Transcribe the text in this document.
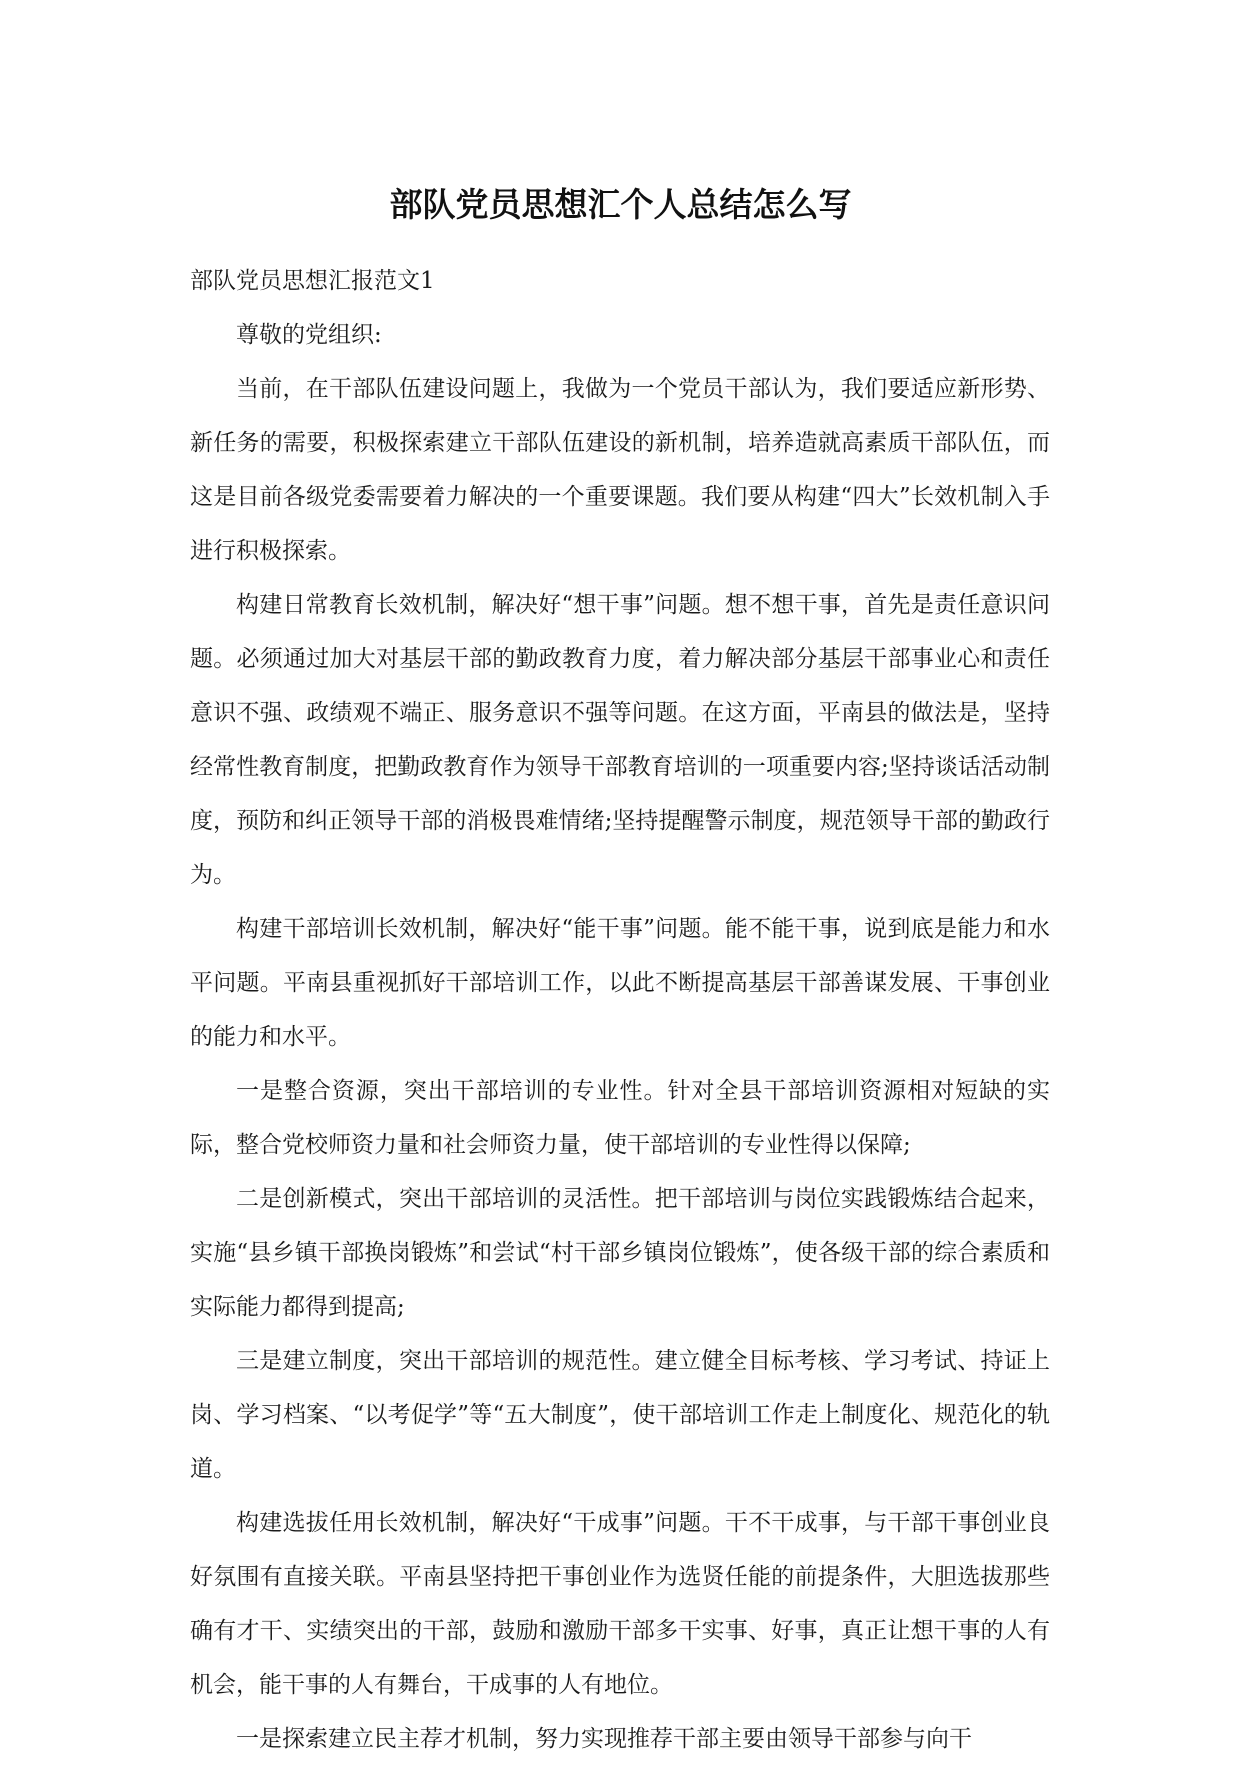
部队党员思想汇个人总结怎么写

部队党员思想汇报范文1

尊敬的党组织:

当前，在干部队伍建设问题上，我做为一个党员干部认为，我们要适应新形势、新任务的需要，积极探索建立干部队伍建设的新机制，培养造就高素质干部队伍，而这是目前各级党委需要着力解决的一个重要课题。我们要从构建“四大”长效机制入手进行积极探索。

构建日常教育长效机制，解决好“想干事”问题。想不想干事，首先是责任意识问题。必须通过加大对基层干部的勤政教育力度，着力解决部分基层干部事业心和责任意识不强、政绩观不端正、服务意识不强等问题。在这方面，平南县的做法是，坚持经常性教育制度，把勤政教育作为领导干部教育培训的一项重要内容;坚持谈话活动制度，预防和纠正领导干部的消极畏难情绪;坚持提醒警示制度，规范领导干部的勤政行为。

构建干部培训长效机制，解决好“能干事”问题。能不能干事，说到底是能力和水平问题。平南县重视抓好干部培训工作，以此不断提高基层干部善谋发展、干事创业的能力和水平。

一是整合资源，突出干部培训的专业性。针对全县干部培训资源相对短缺的实际，整合党校师资力量和社会师资力量，使干部培训的专业性得以保障;

二是创新模式，突出干部培训的灵活性。把干部培训与岗位实践锻炼结合起来，实施“县乡镇干部换岗锻炼”和尝试“村干部乡镇岗位锻炼”，使各级干部的综合素质和实际能力都得到提高;

三是建立制度，突出干部培训的规范性。建立健全目标考核、学习考试、持证上岗、学习档案、“以考促学”等“五大制度”，使干部培训工作走上制度化、规范化的轨道。

构建选拔任用长效机制，解决好“干成事”问题。干不干成事，与干部干事创业良好氛围有直接关联。平南县坚持把干事创业作为选贤任能的前提条件，大胆选拔那些确有才干、实绩突出的干部，鼓励和激励干部多干实事、好事，真正让想干事的人有机会，能干事的人有舞台，干成事的人有地位。

一是探索建立民主荐才机制，努力实现推荐干部主要由领导干部参与向干
